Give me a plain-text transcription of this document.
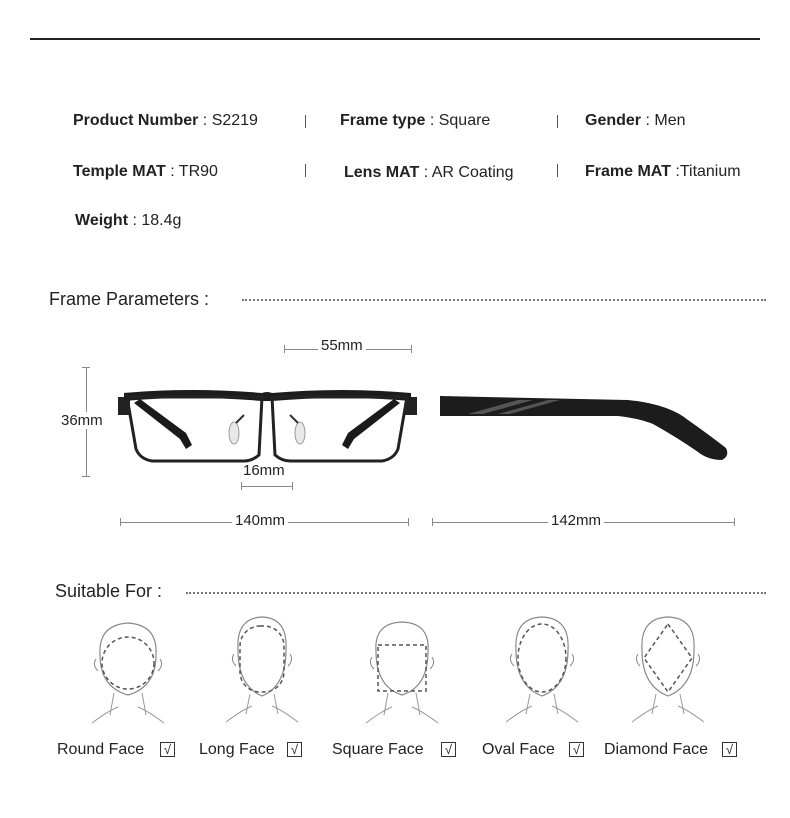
Product Number : S2219	Frame type : Square	Gender : Men
Temple MAT : TR90	Lens MAT : AR Coating	Frame MAT :Titanium
Weight : 18.4g
Frame Parameters :
55mm
36mm
16mm
140mm	142mm
Suitable For :
Round Face	√ Long Face	√ Square Face	√ Oval Face	√ Diamond Face	√
